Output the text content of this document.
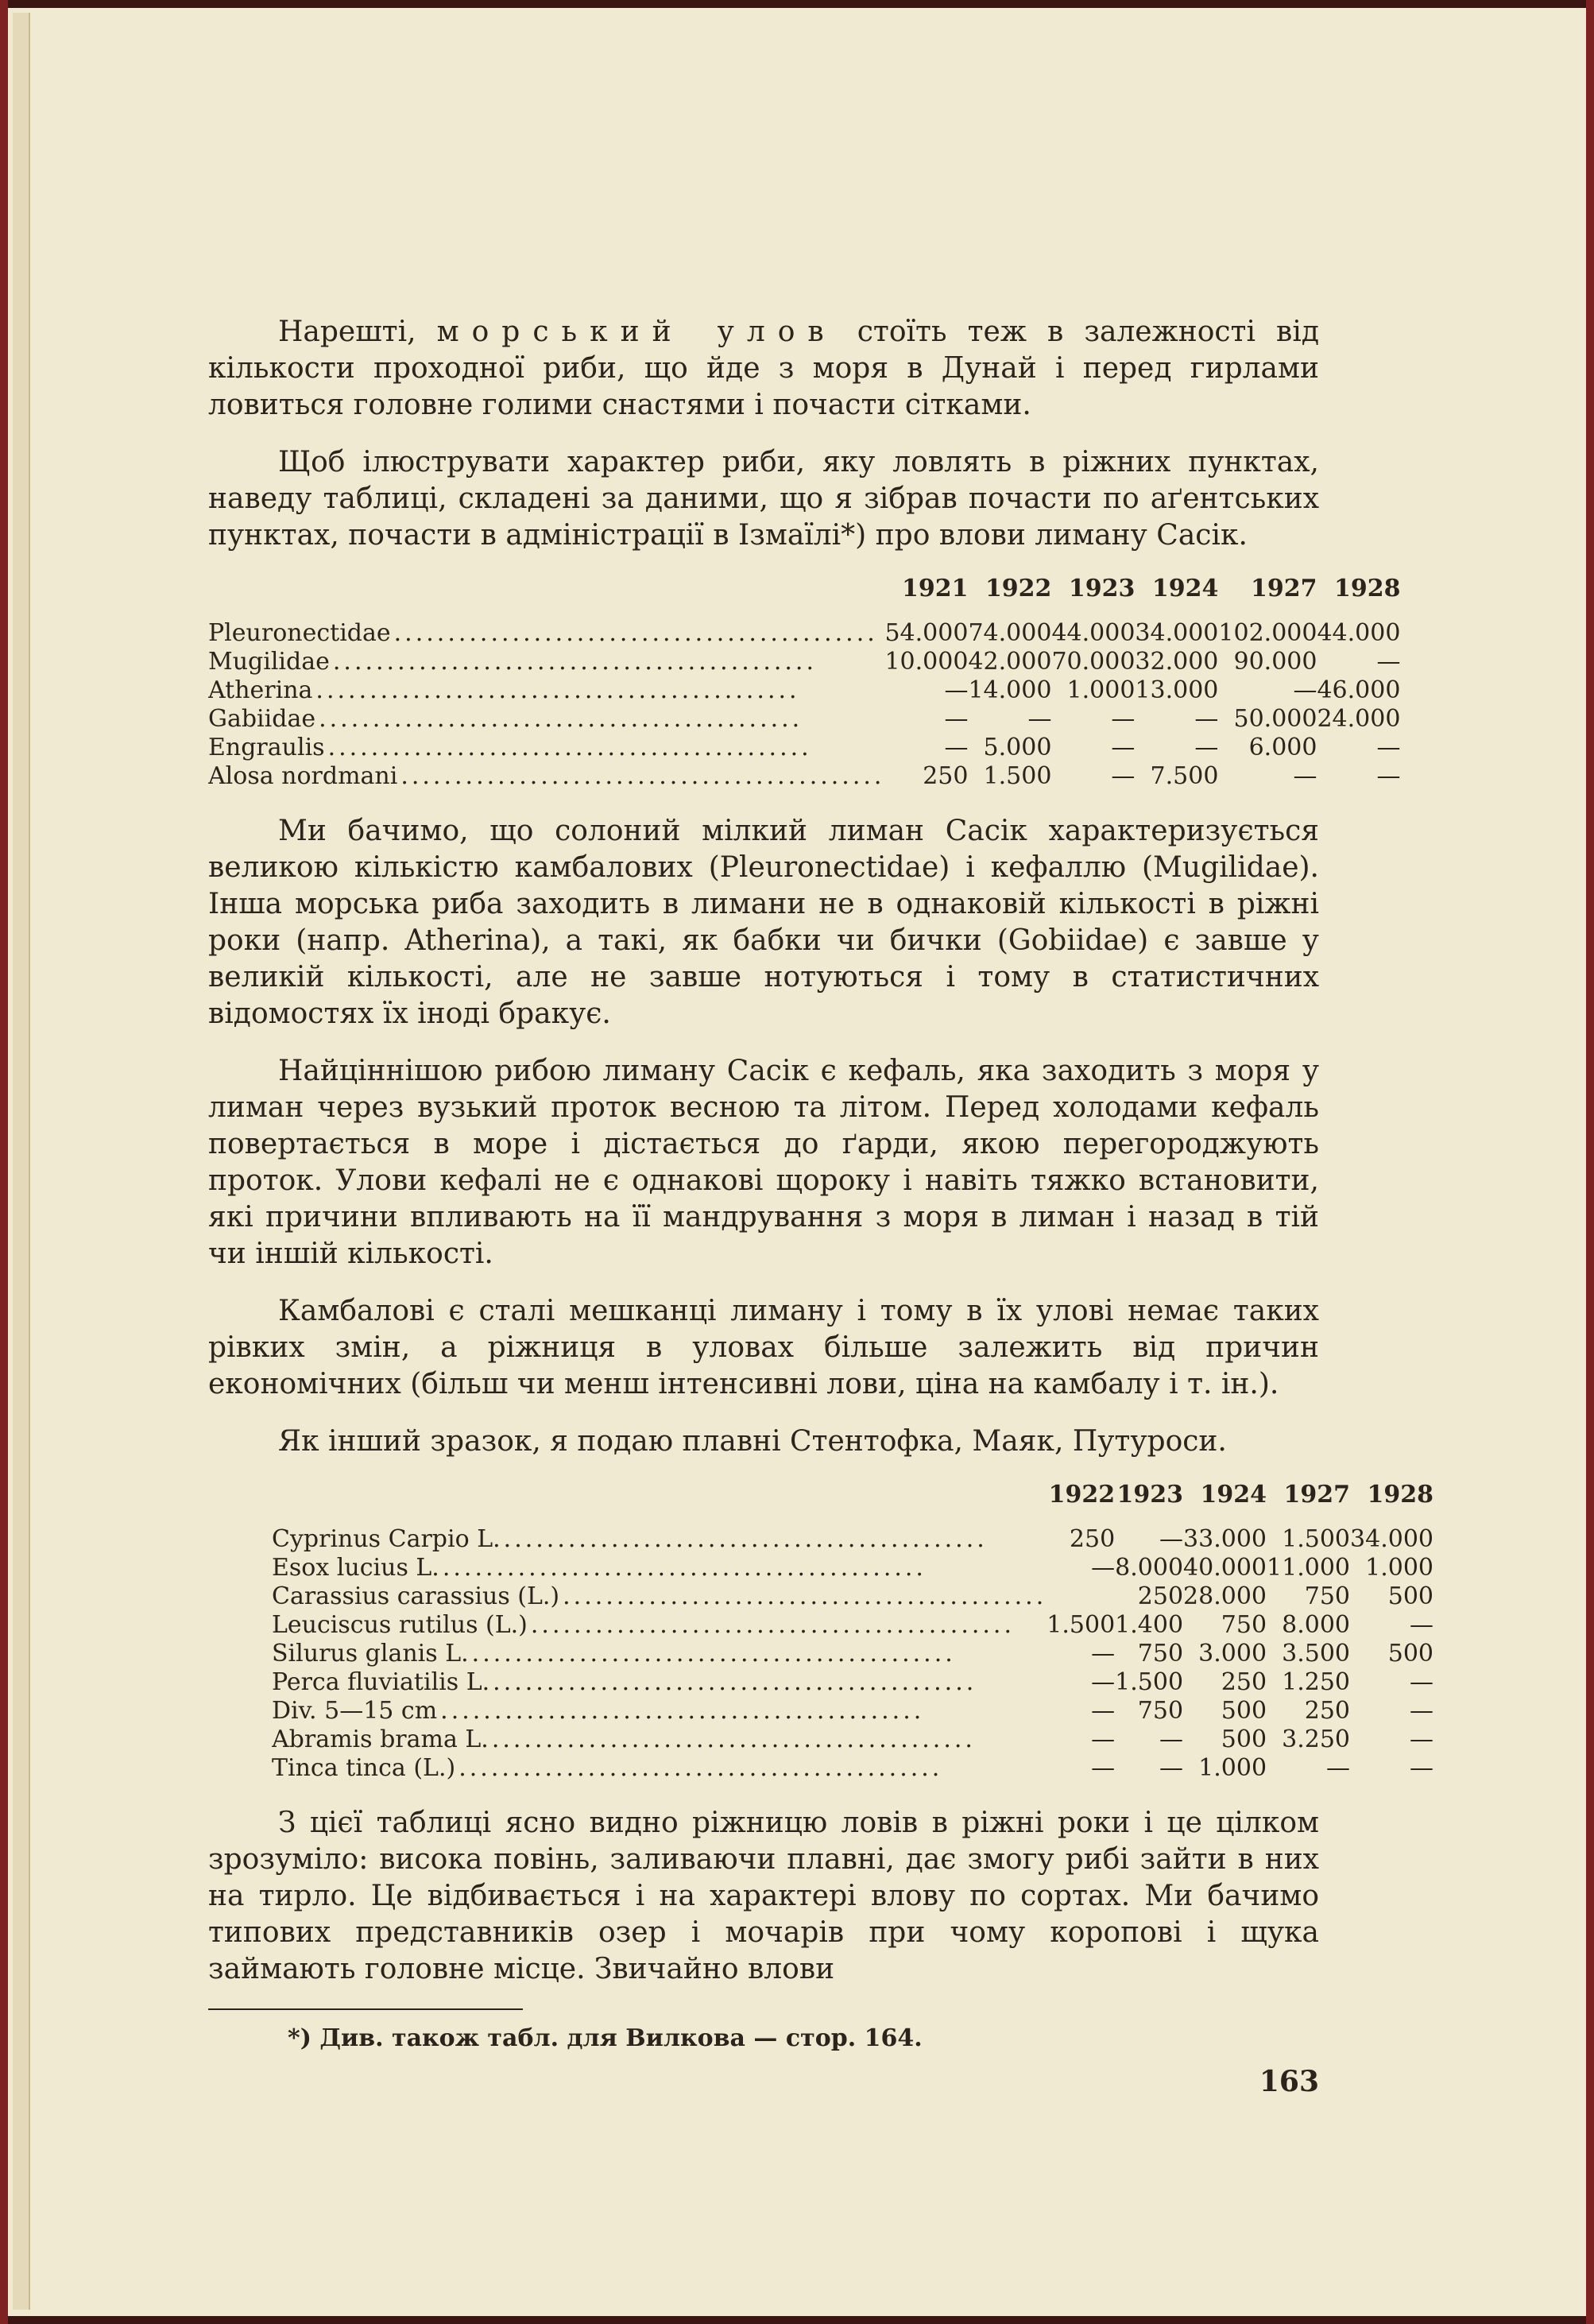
Нарешті, морський улов стоїть теж в залежності від кількости проходної риби, що йде з моря в Дунай і перед гирлами ловиться головне голими снастями і почасти сітками.

Щоб ілюструвати характер риби, яку ловлять в ріжних пунктах, наведу таблиці, складені за даними, що я зібрав почасти по аґентських пунктах, почасти в адміністрації в Ізмаїлі*) про влови лиману Сасік.

	1921	1922	1923	1924	1927	1928
Pleuronectidae .............................................	54.000	74.000	44.000	34.000	102.000	44.000
Mugilidae .............................................	10.000	42.000	70.000	32.000	90.000	—
Atherina .............................................	—	14.000	1.000	13.000	—	46.000
Gabiidae .............................................	—	—	—	—	50.000	24.000
Engraulis .............................................	—	5.000	—	—	6.000	—
Alosa nordmani .............................................	250	1.500	—	7.500	—	—

Ми бачимо, що солоний мілкий лиман Сасік характеризується великою кількістю камбалових (Pleuronectidae) і кефаллю (Mugilidae). Інша морська риба заходить в лимани не в однаковій кількості в ріжні роки (напр. Atherina), а такі, як бабки чи бички (Gobiidae) є завше у великій кількості, але не завше нотуються і тому в статистичних відомостях їх іноді бракує.

Найціннішою рибою лиману Сасік є кефаль, яка заходить з моря у лиман через вузький проток весною та літом. Перед холодами кефаль повертається в море і дістається до ґарди, якою перегороджують проток. Улови кефалі не є однакові щороку і навіть тяжко встановити, які причини впливають на її мандрування з моря в лиман і назад в тій чи іншій кількості.

Камбалові є сталі мешканці лиману і тому в їх улові немає таких рівких змін, а ріжниця в уловах більше залежить від причин економічних (більш чи менш інтенсивні лови, ціна на камбалу і т. ін.).

Як інший зразок, я подаю плавні Стентофка, Маяк, Путуроси.

	1922	1923	1924	1927	1928
Cyprinus Carpio L. .............................................	250	—	33.000	1.500	34.000
Esox lucius L. .............................................	—	8.000	40.000	11.000	1.000
Carassius carassius (L.) .............................................		250	28.000	750	500
Leuciscus rutilus (L.) .............................................	1.500	1.400	750	8.000	—
Silurus glanis L. .............................................	—	750	3.000	3.500	500
Perca fluviatilis L. .............................................	—	1.500	250	1.250	—
Div. 5—15 cm .............................................	—	750	500	250	—
Abramis brama L. .............................................	—	—	500	3.250	—
Tinca tinca (L.) .............................................	—	—	1.000	—	—

З цієї таблиці ясно видно ріжницю ловів в ріжні роки і це цілком зрозуміло: висока повінь, заливаючи плавні, дає змогу рибі зайти в них на тирло. Це відбивається і на характері влову по сортах. Ми бачимо типових представників озер і мочарів при чому коропові і щука займають головне місце. Звичайно влови

*) Див. також табл. для Вилкова — стор. 164.
163
